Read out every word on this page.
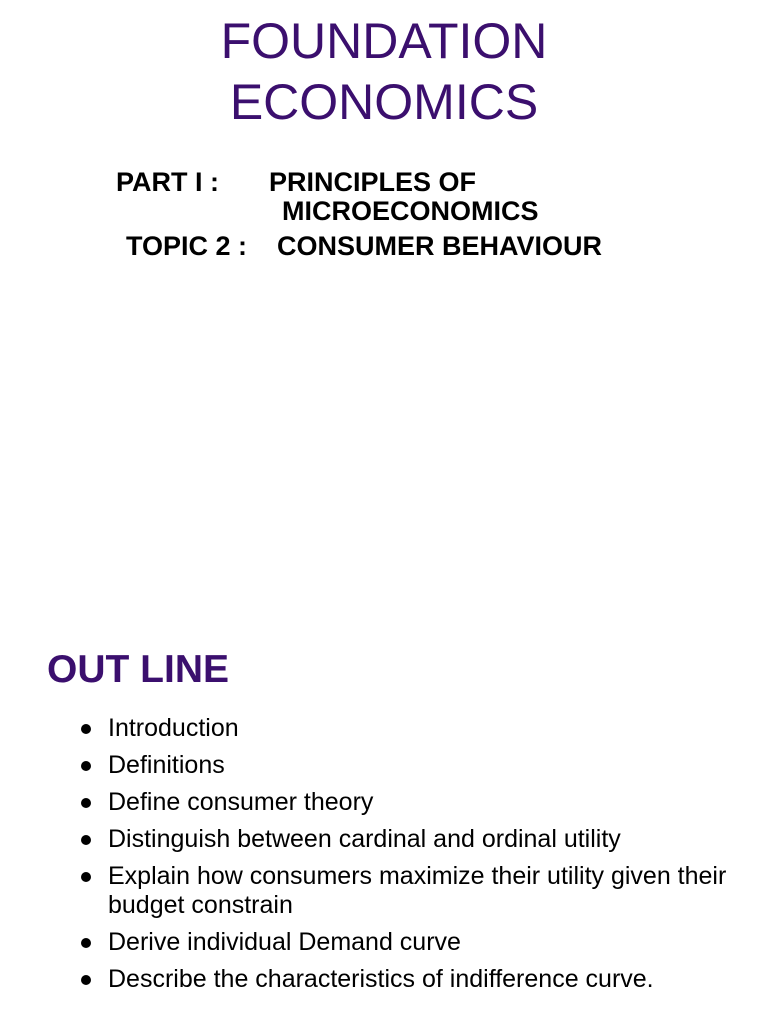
FOUNDATION
ECONOMICS
PART I : PRINCIPLES OF
MICROECONOMICS
TOPIC 2 : CONSUMER BEHAVIOUR
OUT LINE
Introduction
Definitions
Define consumer theory
Distinguish between cardinal and ordinal utility
Explain how consumers maximize their utility given their budget constrain
Derive individual Demand curve
Describe the characteristics of indifference curve.
